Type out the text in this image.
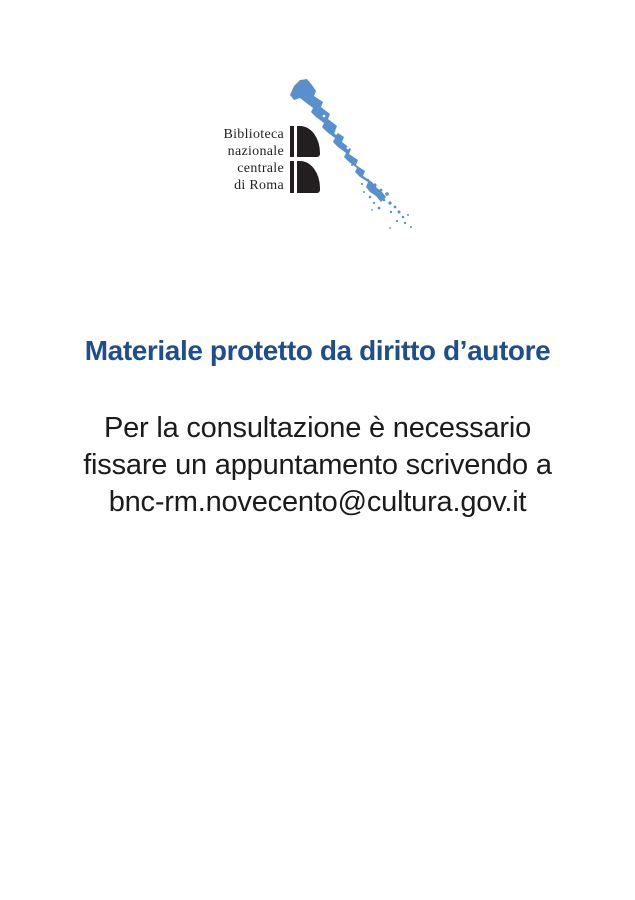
Biblioteca
nazionale
centrale
di Roma
Materiale protetto da diritto d’autore
Per la consultazione è necessario
fissare un appuntamento scrivendo a
bnc-rm.novecento@cultura.gov.it
